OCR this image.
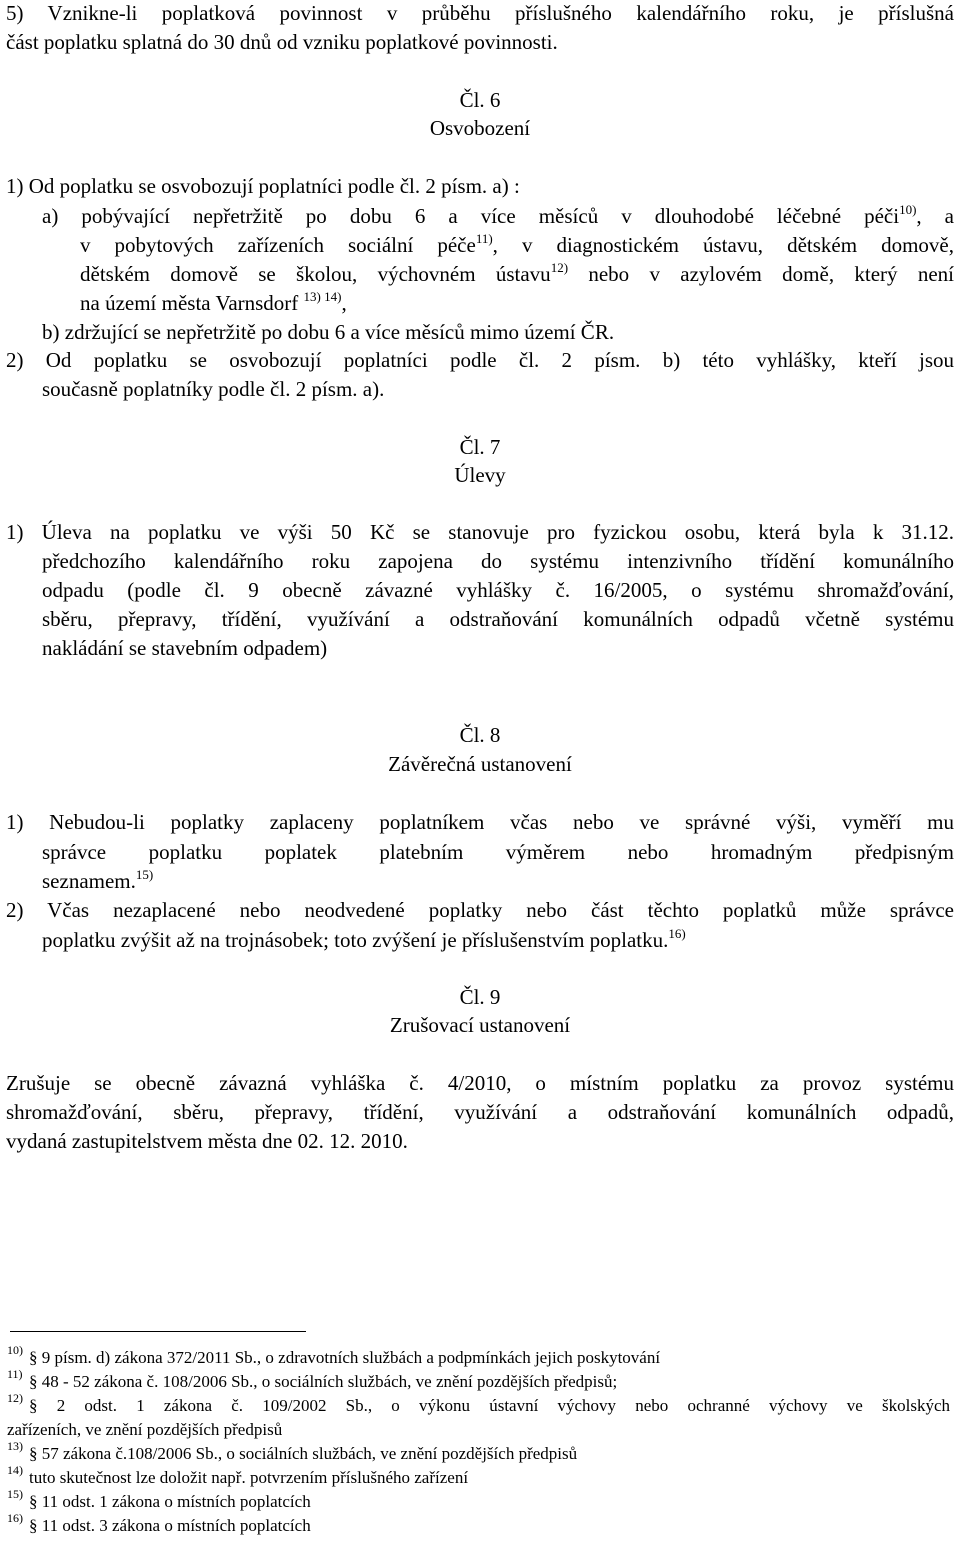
5) Vznikne-li poplatková povinnost v průběhu příslušného kalendářního roku, je příslušná
část poplatku splatná do 30 dnů od vzniku poplatkové povinnosti.
Čl. 6
Osvobození
1) Od poplatku se osvobozují poplatníci podle čl. 2 písm. a) :
a) pobývající nepřetržitě po dobu 6 a více měsíců v dlouhodobé léčebné péči$^{10)}$, a
v pobytových zařízeních sociální péče$^{11)}$, v diagnostickém ústavu, dětském domově,
dětském domově se školou, výchovném ústavu$^{12)}$ nebo v azylovém domě, který není
na území města Varnsdorf $^{13) 14)}$,
b) zdržující se nepřetržitě po dobu 6 a více měsíců mimo území ČR.
2) Od poplatku se osvobozují poplatníci podle čl. 2 písm. b) této vyhlášky, kteří jsou
současně poplatníky podle čl. 2 písm. a).
Čl. 7
Úlevy
1) Úleva na poplatku ve výši 50 Kč se stanovuje pro fyzickou osobu, která byla k 31.12.
předchozího kalendářního roku zapojena do systému intenzivního třídění komunálního
odpadu (podle čl. 9 obecně závazné vyhlášky č. 16/2005, o systému shromažďování,
sběru, přepravy, třídění, využívání a odstraňování komunálních odpadů včetně systému
nakládání se stavebním odpadem)
Čl. 8
Závěrečná ustanovení
1) Nebudou-li poplatky zaplaceny poplatníkem včas nebo ve správné výši, vyměří mu
správce poplatku poplatek platebním výměrem nebo hromadným předpisným
seznamem.$^{15)}$
2) Včas nezaplacené nebo neodvedené poplatky nebo část těchto poplatků může správce
poplatku zvýšit až na trojnásobek; toto zvýšení je příslušenstvím poplatku.$^{16)}$
Čl. 9
Zrušovací ustanovení
Zrušuje se obecně závazná vyhláška č. 4/2010, o místním poplatku za provoz systému
shromažďování, sběru, přepravy, třídění, využívání a odstraňování komunálních odpadů,
vydaná zastupitelstvem města dne 02. 12. 2010.
10) § 9 písm. d) zákona 372/2011 Sb., o zdravotních službách a podpmínkách jejich poskytování
11) § 48 - 52 zákona č. 108/2006 Sb., o sociálních službách, ve znění pozdějších předpisů;
12) § 2 odst. 1 zákona č. 109/2002 Sb., o výkonu ústavní výchovy nebo ochranné výchovy ve školských
zařízeních, ve znění pozdějších předpisů
13) § 57 zákona č.108/2006 Sb., o sociálních službách, ve znění pozdějších předpisů
14) tuto skutečnost lze doložit např. potvrzením příslušného zařízení
15) § 11 odst. 1 zákona o místních poplatcích
16) § 11 odst. 3 zákona o místních poplatcích
